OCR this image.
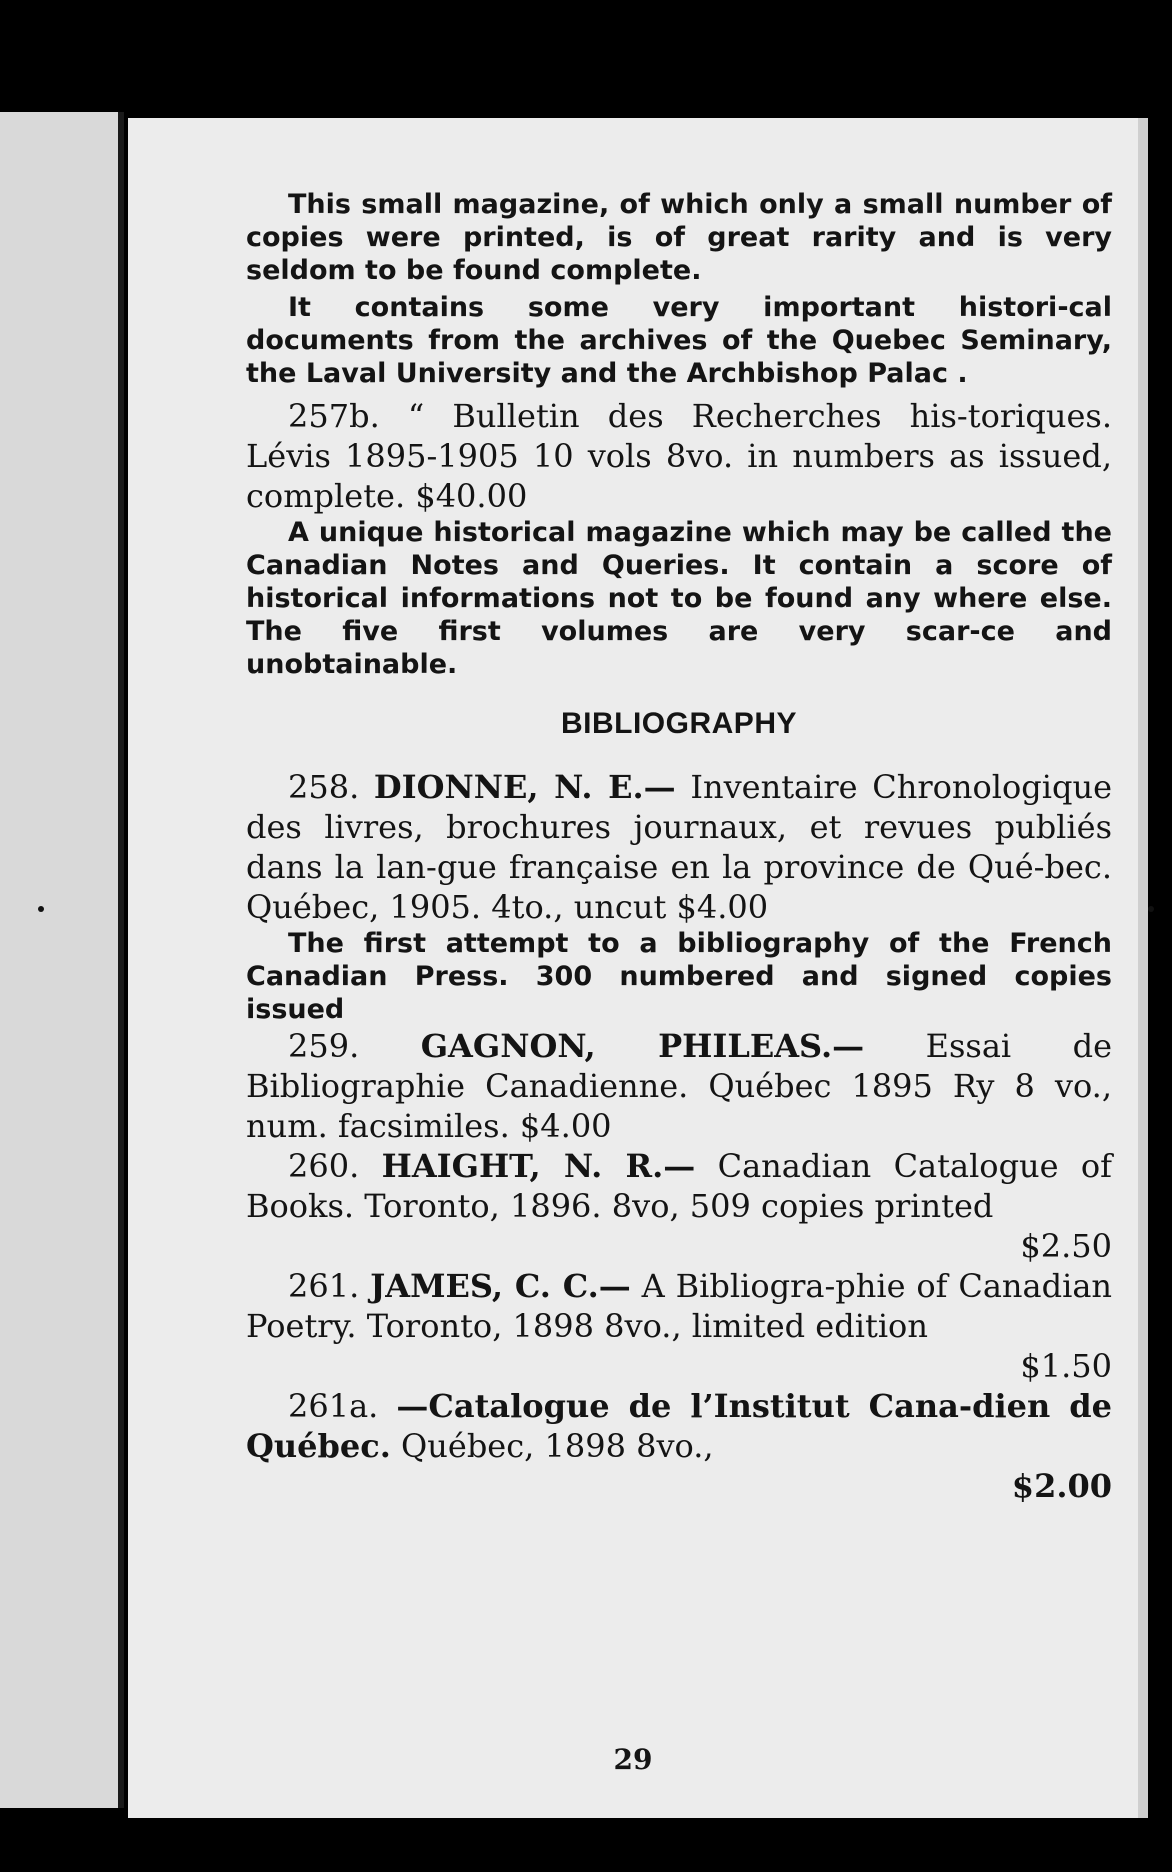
This small magazine, of which only a small number of copies were printed, is of great rarity and is very seldom to be found complete.

It contains some very important histori-cal documents from the archives of the Quebec Seminary, the Laval University and the Archbishop Palac .

257b. “ Bulletin des Recherches his-toriques. Lévis 1895-1905 10 vols 8vo. in numbers as issued, complete. $40.00

A unique historical magazine which may be called the Canadian Notes and Queries. It contain a score of historical informations not to be found any where else. The five first volumes are very scar-ce and unobtainable.

BIBLIOGRAPHY

258. DIONNE, N. E.— Inventaire Chronologique des livres, brochures journaux, et revues publiés dans la lan-gue française en la province de Qué-bec. Québec, 1905. 4to., uncut $4.00

The first attempt to a bibliography of the French Canadian Press. 300 numbered and signed copies issued

259. GAGNON, PHILEAS.— Essai de Bibliographie Canadienne. Québec 1895 Ry 8 vo., num. facsimiles. $4.00

260. HAIGHT, N. R.— Canadian Catalogue of Books. Toronto, 1896. 8vo, 509 copies printed

$2.50

261. JAMES, C. C.— A Bibliogra-phie of Canadian Poetry. Toronto, 1898 8vo., limited edition

$1.50

261a. —Catalogue de l’Institut Cana-dien de Québec. Québec, 1898 8vo.,

$2.00
29
